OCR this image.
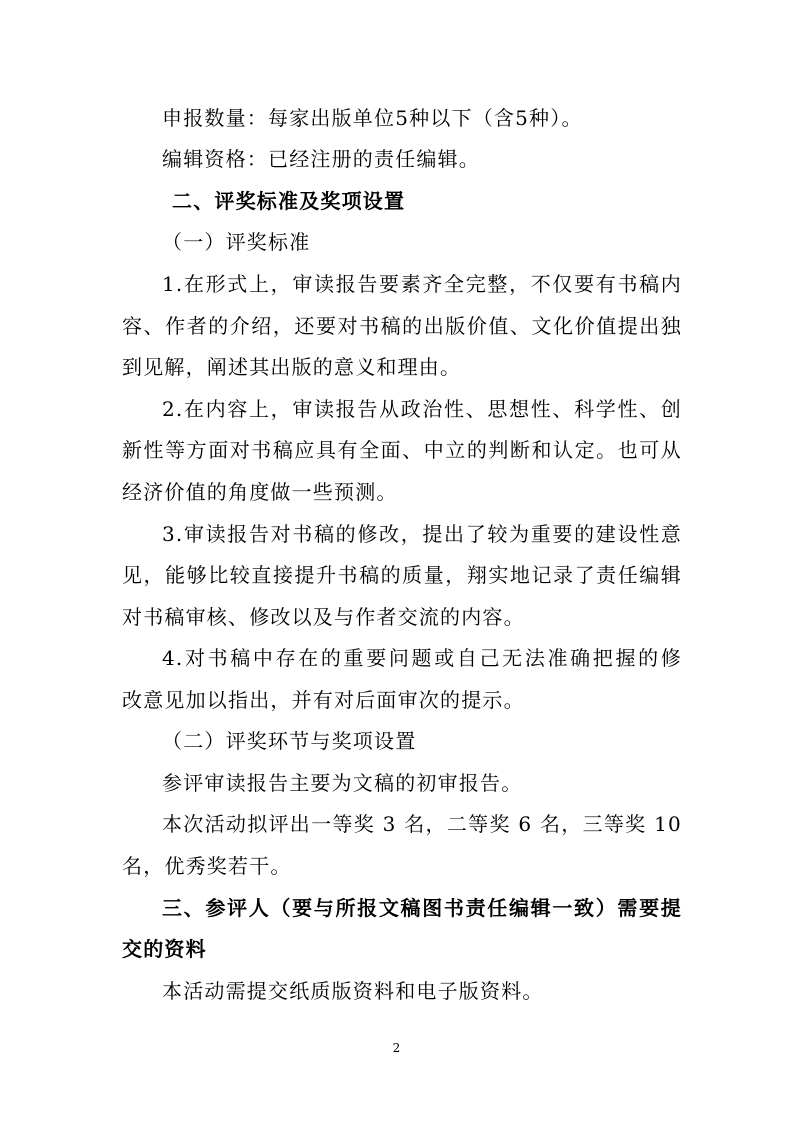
申报数量：每家出版单位5种以下（含5种）。
编辑资格：已经注册的责任编辑。
二、评奖标准及奖项设置
（一）评奖标准
1.在形式上，审读报告要素齐全完整，不仅要有书稿内
容、作者的介绍，还要对书稿的出版价值、文化价值提出独
到见解，阐述其出版的意义和理由。
2.在内容上，审读报告从政治性、思想性、科学性、创
新性等方面对书稿应具有全面、中立的判断和认定。也可从
经济价值的角度做一些预测。
3.审读报告对书稿的修改，提出了较为重要的建设性意
见，能够比较直接提升书稿的质量，翔实地记录了责任编辑
对书稿审核、修改以及与作者交流的内容。
4.对书稿中存在的重要问题或自己无法准确把握的修
改意见加以指出，并有对后面审次的提示。
（二）评奖环节与奖项设置
参评审读报告主要为文稿的初审报告。
本次活动拟评出一等奖 3 名，二等奖 6 名，三等奖 10
名，优秀奖若干。
三、参评人（要与所报文稿图书责任编辑一致）需要提
交的资料
本活动需提交纸质版资料和电子版资料。
2
